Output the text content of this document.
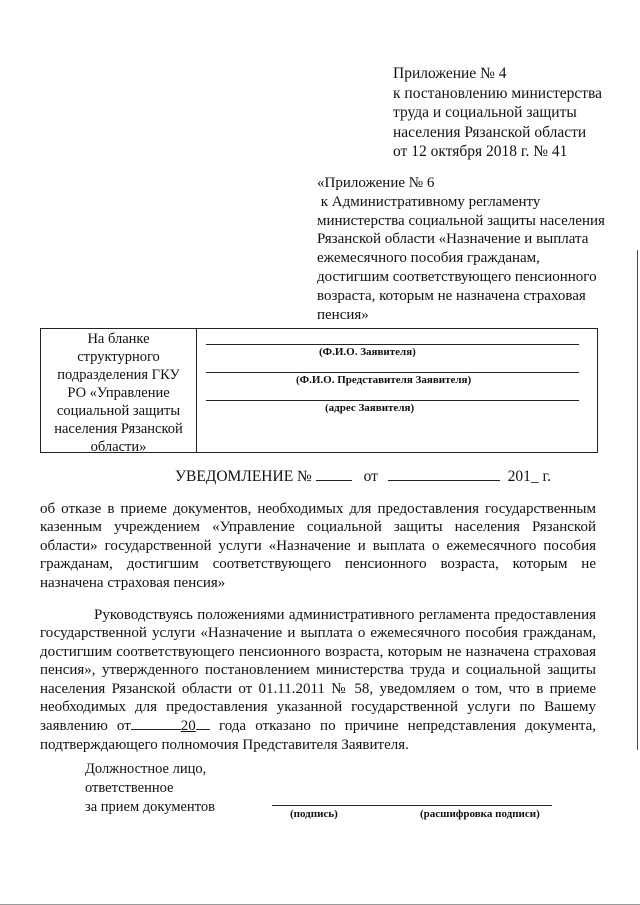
Приложение № 4
к постановлению министерства
труда и социальной защиты
населения Рязанской области
от 12 октября 2018 г. № 41
«Приложение № 6
к Административному регламенту
министерства социальной защиты населения
Рязанской области «Назначение и выплата
ежемесячного пособия гражданам,
достигшим соответствующего пенсионного
возраста, которым не назначена страховая
пенсия»
На бланке
структурного
подразделения ГКУ
РО «Управление
социальной защиты
населения Рязанской
области»
(Ф.И.О. Заявителя)
(Ф.И.О. Представителя Заявителя)
(адрес Заявителя)
УВЕДОМЛЕНИЕ №	от	201_ г.
об отказе в приеме документов, необходимых для предоставления государственным казенным учреждением «Управление социальной защиты населения Рязанской области» государственной услуги «Назначение и выплата о ежемесячного пособия гражданам, достигшим соответствующего пенсионного возраста, которым не назначена страховая пенсия»
Руководствуясь положениями административного регламента предоставления государственной услуги «Назначение и выплата о ежемесячного пособия гражданам, достигшим соответствующего пенсионного возраста, которым не назначена страховая пенсия», утвержденного постановлением министерства труда и социальной защиты населения Рязанской области от 01.11.2011 № 58, уведомляем о том, что в приеме необходимых для предоставления указанной государственной услуги по Вашему заявлению от	20 года отказано по причине непредставления документа, подтверждающего полномочия Представителя Заявителя.
Должностное лицо,
ответственное
за прием документов	(подпись)	(расшифровка подписи)
